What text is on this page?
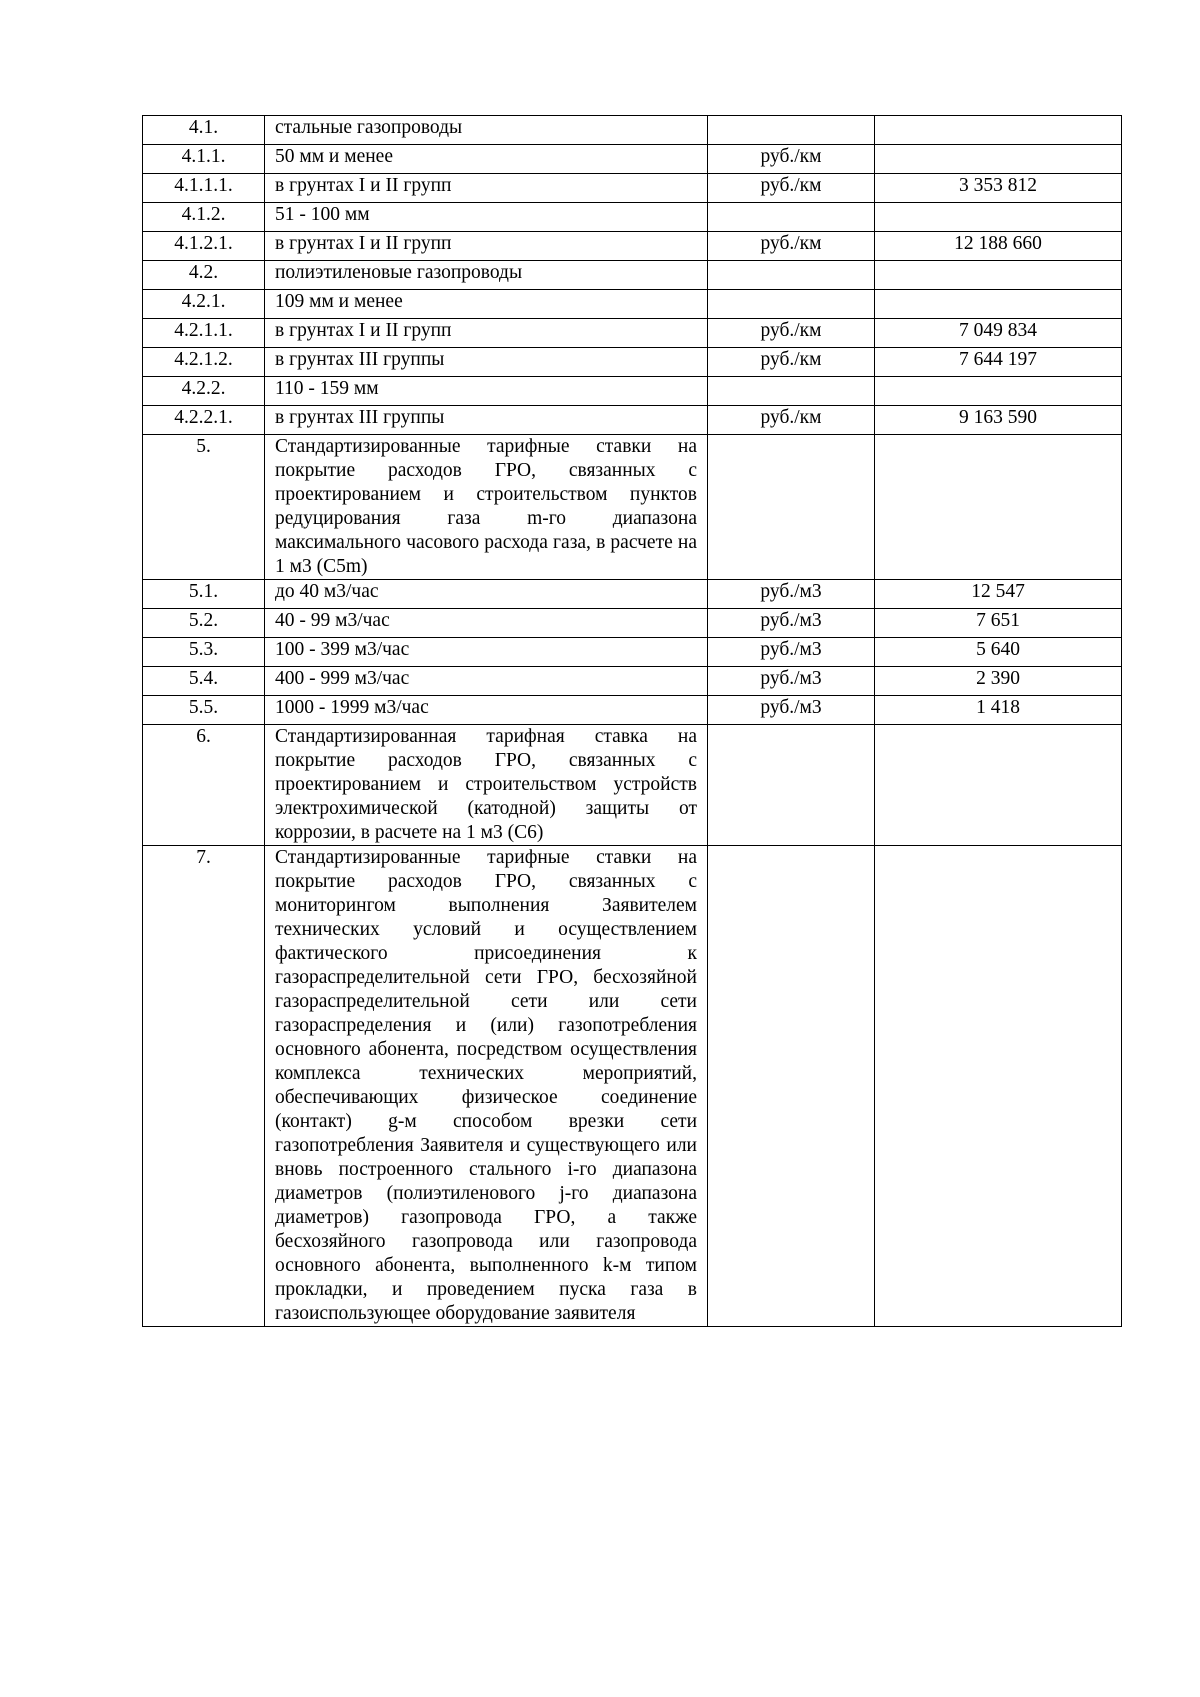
4.1.	стальные газопроводы		
4.1.1.	50 мм и менее	руб./км	
4.1.1.1.	в грунтах I и II групп	руб./км	3 353 812
4.1.2.	51 - 100 мм		
4.1.2.1.	в грунтах I и II групп	руб./км	12 188 660
4.2.	полиэтиленовые газопроводы		
4.2.1.	109 мм и менее		
4.2.1.1.	в грунтах I и II групп	руб./км	7 049 834
4.2.1.2.	в грунтах III группы	руб./км	7 644 197
4.2.2.	110 - 159 мм		
4.2.2.1.	в грунтах III группы	руб./км	9 163 590
5.	Стандартизированные тарифные ставки на покрытие расходов ГРО, связанных с проектированием и строительством пунктов редуцирования газа m-го диапазона максимального часового расхода газа, в расчете на 1 м3 (C5m)		
5.1.	до 40 м3/час	руб./м3	12 547
5.2.	40 - 99 м3/час	руб./м3	7 651
5.3.	100 - 399 м3/час	руб./м3	5 640
5.4.	400 - 999 м3/час	руб./м3	2 390
5.5.	1000 - 1999 м3/час	руб./м3	1 418
6.	Стандартизированная тарифная ставка на покрытие расходов ГРО, связанных с проектированием и строительством устройств электрохимической (катодной) защиты от коррозии, в расчете на 1 м3 (C6)		
7.	Стандартизированные тарифные ставки на покрытие расходов ГРО, связанных с мониторингом выполнения Заявителем технических условий и осуществлением фактического присоединения к газораспределительной сети ГРО, бесхозяйной газораспределительной сети или сети газораспределения и (или) газопотребления основного абонента, посредством осуществления комплекса технических мероприятий, обеспечивающих физическое соединение (контакт) g-м способом врезки сети газопотребления Заявителя и существующего или вновь построенного стального i-го диапазона диаметров (полиэтиленового j-го диапазона диаметров) газопровода ГРО, а также бесхозяйного газопровода или газопровода основного абонента, выполненного k-м типом прокладки, и проведением пуска газа в газоиспользующее оборудование заявителя		
